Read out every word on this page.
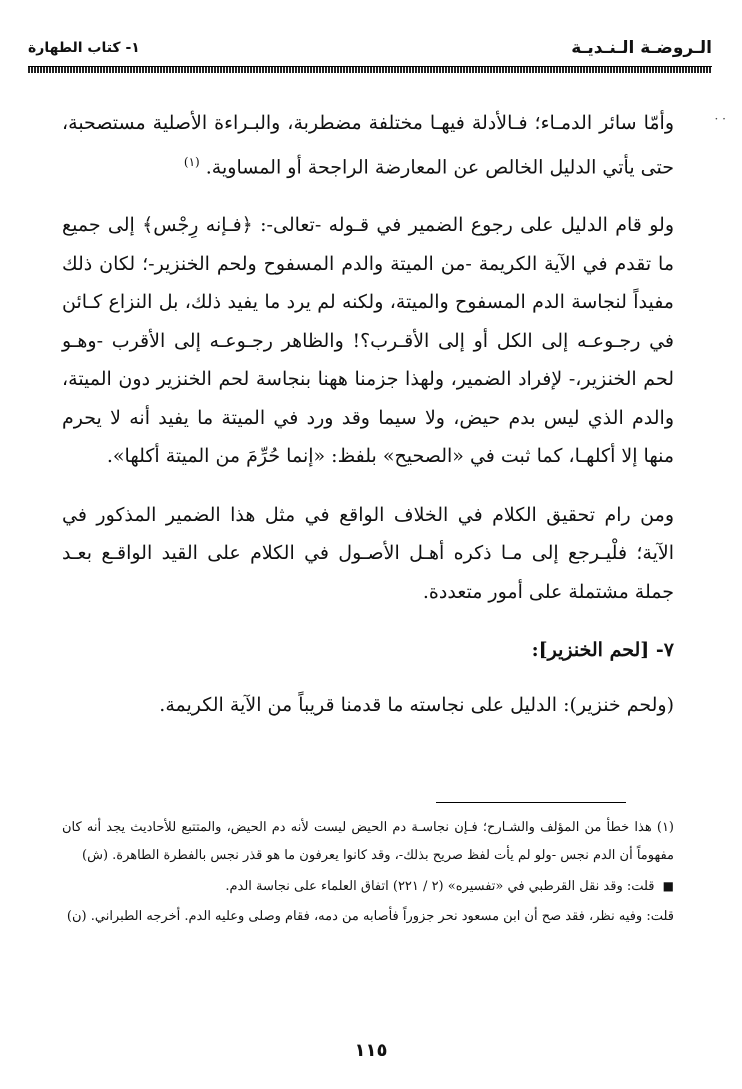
الـروضـة الـنـديـة
١- كتاب الطهارة
· ·

وأمّا سائر الدمـاء؛ فـالأدلة فيهـا مختلفة مضطربة، والبـراءة الأصلية مستصحبة، حتى يأتي الدليل الخالص عن المعارضة الراجحة أو المساوية. $^{(١)}$

ولو قام الدليل على رجوع الضمير في قـوله -تعالى-: ﴿فـإنه رِجْس﴾ إلى جميع ما تقدم في الآية الكريمة -من الميتة والدم المسفوح ولحم الخنزير-؛ لكان ذلك مفيداً لنجاسة الدم المسفوح والميتة، ولكنه لم يرد ما يفيد ذلك، بل النزاع كـائن في رجـوعـه إلى الكل أو إلى الأقـرب؟! والظاهر رجـوعـه إلى الأقرب -وهـو لحم الخنزير،- لإفراد الضمير، ولهذا جزمنا ههنا بنجاسة لحم الخنزير دون الميتة، والدم الذي ليس بدم حيض، ولا سيما وقد ورد في الميتة ما يفيد أنه لا يحرم منها إلا أكلهـا، كما ثبت في «الصحيح» بلفظ: «إنما حُرِّمَ من الميتة أكلها».

ومن رام تحقيق الكلام في الخلاف الواقع في مثل هذا الضمير المذكور في الآية؛ فلْيـرجع إلى مـا ذكره أهـل الأصـول في الكلام على القيد الواقـع بعـد جملة مشتملة على أمور متعددة.

٧- [لحم الخنزير]:

(ولحم خنزير): الدليل على نجاسته ما قدمنا قريباً من الآية الكريمة.

(١) هذا خطأ من المؤلف والشـارح؛ فـإن نجاسـة دم الحيض ليست لأنه دم الحيض، والمتتبع للأحاديث يجد أنه كان مفهوماً أن الدم نجس -ولو لم يأت لفظ صريح بذلك-، وقد كانوا يعرفون ما هو قذر نجس بالفطرة الطاهرة. (ش)

■ قلت: وقد نقل القرطبي في «تفسيره» (٢ / ٢٢١) اتفاق العلماء على نجاسة الدم.

قلت: وفيه نظر، فقد صح أن ابن مسعود نحر جزوراً فأصابه من دمه، فقام وصلى وعليه الدم. أخرجه الطبراني. (ن)

١١٥
